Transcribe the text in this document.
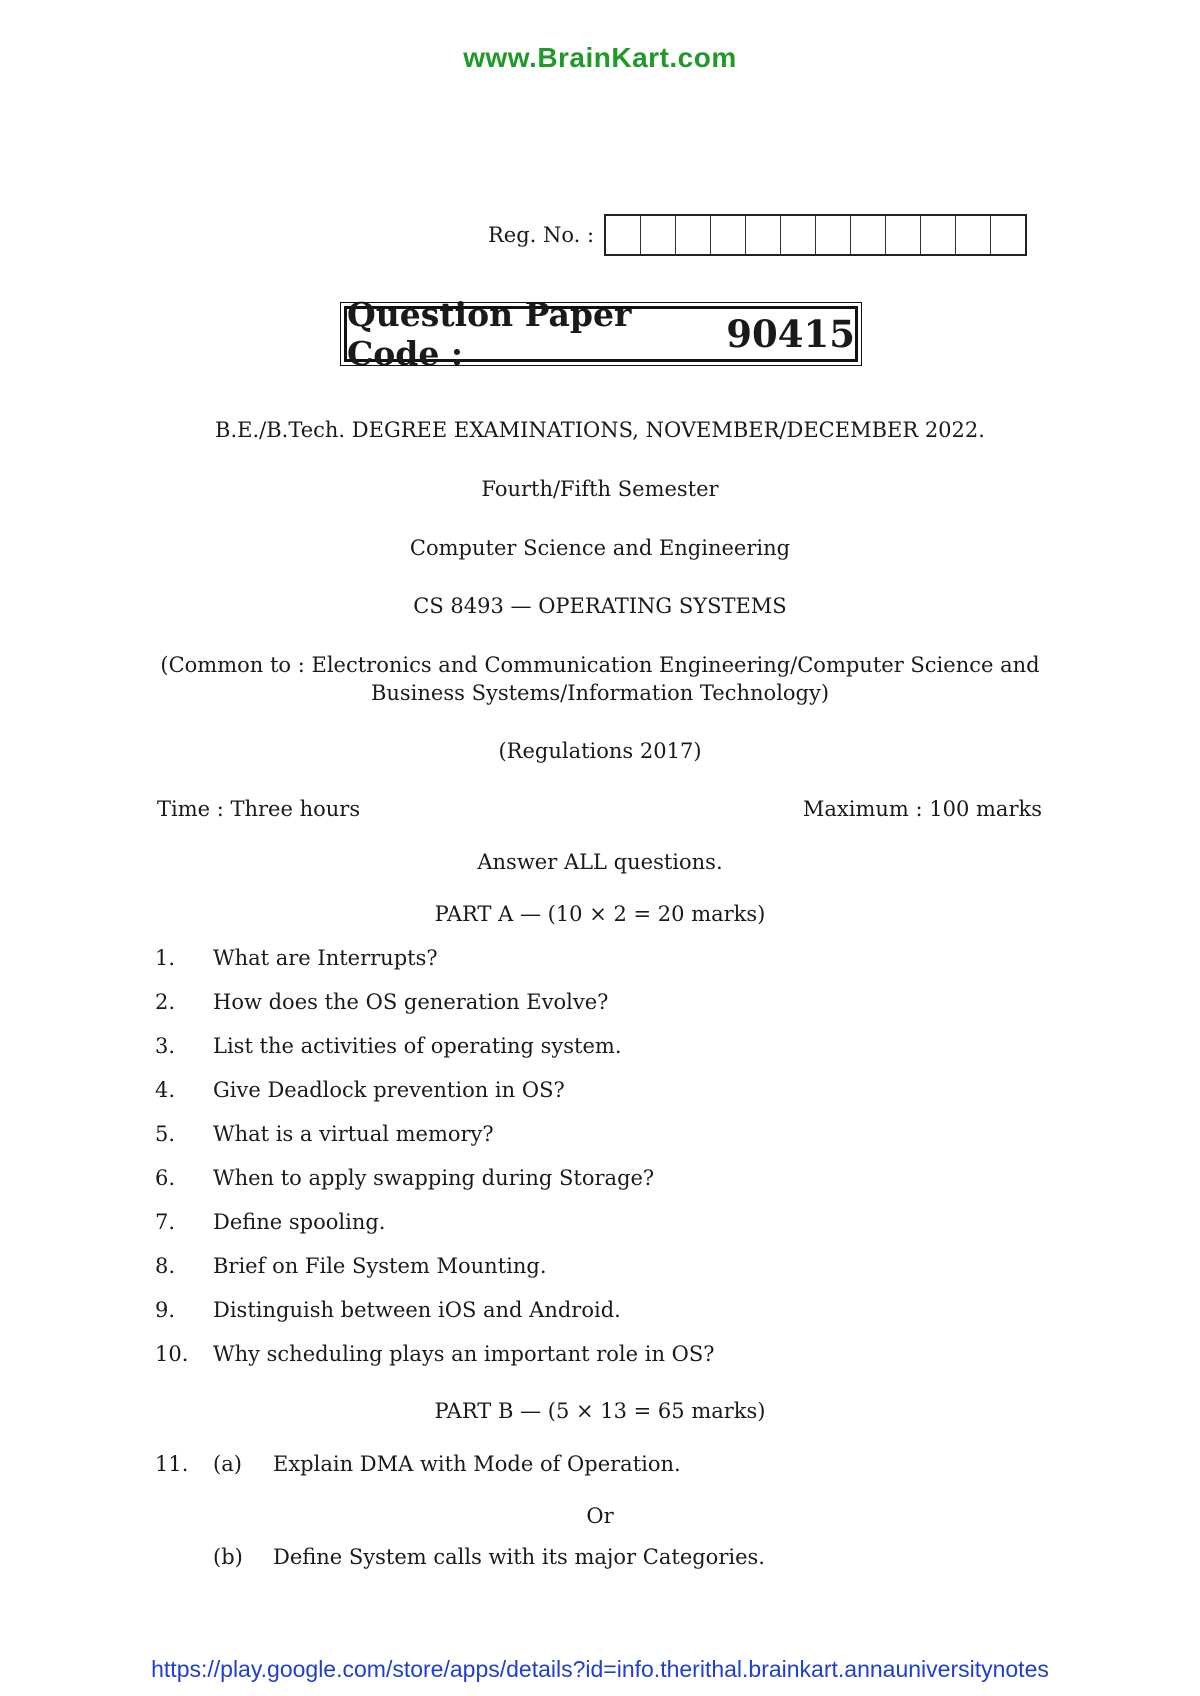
www.BrainKart.com
Reg. No. :
Question Paper Code :	90415
B.E./B.Tech. DEGREE EXAMINATIONS, NOVEMBER/DECEMBER 2022.
Fourth/Fifth Semester
Computer Science and Engineering
CS 8493 — OPERATING SYSTEMS
(Common to : Electronics and Communication Engineering/Computer Science and
Business Systems/Information Technology)
(Regulations 2017)
Time : Three hours	Maximum : 100 marks
Answer ALL questions.
PART A — (10 × 2 = 20 marks)
1.	What are Interrupts?
2.	How does the OS generation Evolve?
3.	List the activities of operating system.
4.	Give Deadlock prevention in OS?
5.	What is a virtual memory?
6.	When to apply swapping during Storage?
7.	Define spooling.
8.	Brief on File System Mounting.
9.	Distinguish between iOS and Android.
10.	Why scheduling plays an important role in OS?
PART B — (5 × 13 = 65 marks)
11.	(a)	Explain DMA with Mode of Operation.
Or
(b)	Define System calls with its major Categories.
https://play.google.com/store/apps/details?id=info.therithal.brainkart.annauniversitynotes
